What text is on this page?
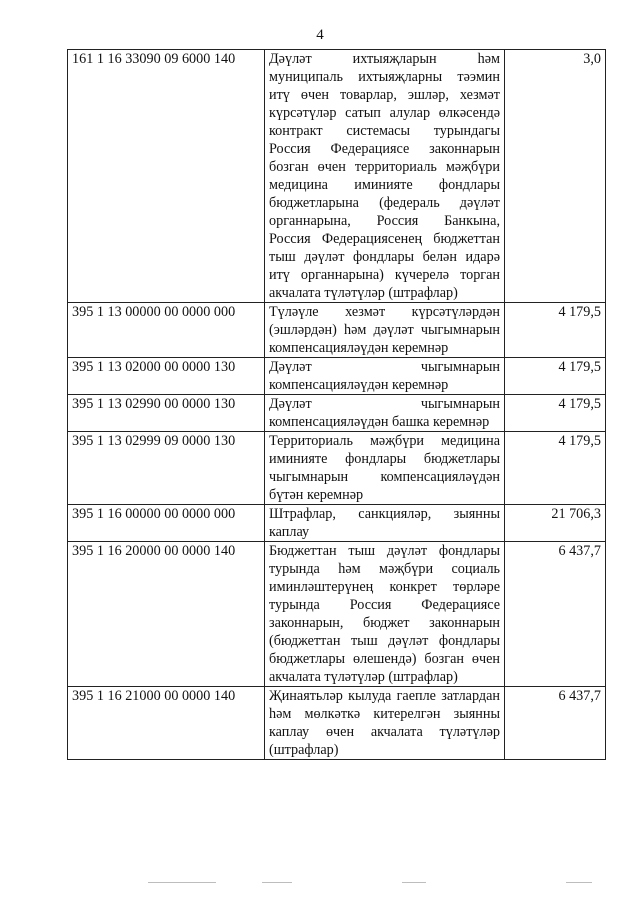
4
161 1 16 33090 09 6000 140	Дәүләт ихтыяҗларын һәм муниципаль ихтыяҗларны тәэмин итү өчен товарлар, эшләр, хезмәт күрсәтүләр сатып алулар өлкәсендә контракт системасы турындагы Россия Федерациясе законнарын бозган өчен территориаль мәҗбүри медицина иминияте фондлары бюджетларына (федераль дәүләт органнарына, Россия Банкына, Россия Федерациясенең бюджеттан тыш дәүләт фондлары белән идарә итү органнарына) күчерелә торган акчалата түләтүләр (штрафлар)	3,0
395 1 13 00000 00 0000 000	Түләүле хезмәт күрсәтүләрдән (эшләрдән) һәм дәүләт чыгымнарын компенсацияләүдән керемнәр	4 179,5
395 1 13 02000 00 0000 130	Дәүләт чыгымнарын компенсацияләүдән керемнәр	4 179,5
395 1 13 02990 00 0000 130	Дәүләт чыгымнарын компенсацияләүдән башка керемнәр	4 179,5
395 1 13 02999 09 0000 130	Территориаль мәҗбүри медицина иминияте фондлары бюджетлары чыгымнарын компенсацияләүдән бүтән керемнәр	4 179,5
395 1 16 00000 00 0000 000	Штрафлар, санкцияләр, зыянны каплау	21 706,3
395 1 16 20000 00 0000 140	Бюджеттан тыш дәүләт фондлары турында һәм мәҗбүри социаль иминләштерүнең конкрет төрләре турында Россия Федерациясе законнарын, бюджет законнарын (бюджеттан тыш дәүләт фондлары бюджетлары өлешендә) бозган өчен акчалата түләтүләр (штрафлар)	6 437,7
395 1 16 21000 00 0000 140	Җинаятьләр кылуда гаепле затлардан һәм мөлкәткә китерелгән зыянны каплау өчен акчалата түләтүләр (штрафлар)	6 437,7
